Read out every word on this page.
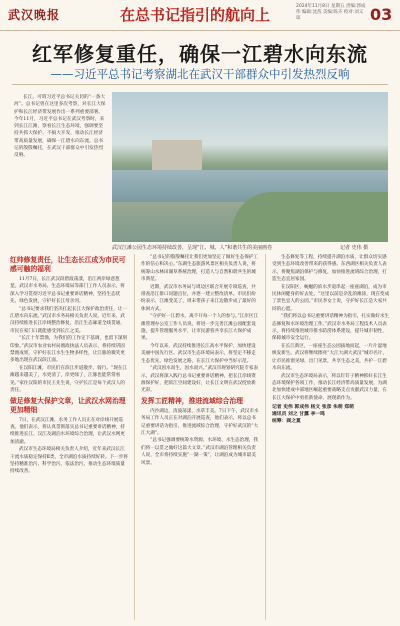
武汉晚报	在总书记指引的航向上	2024年11月8日 星期五 责编:郭成伟 编辑:沈茜 美编:陈卉 校对:刘义琼	03
红军修复重任，确保一江碧水向东流
——习近平总书记考察湖北在武汉干部群众中引发热烈反响

长江，可谓习近平总书记关切的“一条大河”。总书记曾在这里多次考察，对长江大保护和长江经济带发展作出一系列重要部署。今年11月，习近平总书记在武汉考察时，来到长江江滩，察看长江生态环境，强调要坚持共抓大保护、不搞大开发，推动长江经济带高质量发展，确保一江碧水向东流。总书记的殷殷嘱托，在武汉干部群众中引发热烈反响。

武汉江滩公园生态环境持续改善，呈现“江、城、人”和谐共生的美丽画卷	记者 史伟 摄
红帅修复责任，让生态长江成为市民可感可触的福利

11月7日，长江武汉段碧波荡漾，沿江两岸绿意葱茏。武汉市水务局、生态环境局等部门工作人员表示，将深入学习贯彻习近平总书记重要讲话精神，坚持生态优先、绿色发展，守护好长江母亲河。

“总书记要求我们坚决扛起长江大保护政治责任，让一江碧水向东流。”武汉市水务局相关负责人说，近年来，武汉持续推进长江岸线整治修复，沿江生态廊道全线贯通，市民在家门口就能感受到长江之美。

“长江十年禁渔，为我们的工作定下基调，也留下深刻印象。”武汉市农业农村局渔政执法人员表示，将持续巩固禁渔成果，守护好长江水生生物多样性，让江豚的微笑更多地出现在武汉段江面。

在汉阳江滩，市民们在滨江步道散步、骑行。“现在江滩越来越美了，水更清了，岸更绿了，江豚也能常常看见。”家住汉阳的市民王先生说，守护长江是每个武汉人的责任。

做足修复大保护文章，让武汉水网治理更加精细

7日，在武汉江滩，水务工作人员正在对岸线开展巡查。他们表示，将认真贯彻落实总书记重要讲话精神，持续推进长江、汉江及湖泊水环境综合治理，让武汉水网更加清澈。

武汉市生态环境局相关负责人介绍，近年来武汉长江干流水质稳定保持Ⅱ类，全市湖泊水质持续好转。下一步将坚持精准治污、科学治污、依法治污，推动生态环境质量持续改善。

“总书记的殷殷嘱托让我们更加坚定了做好生态保护工作的信心和决心。”东湖生态旅游风景区相关负责人说，将统筹山水林田湖草系统治理，打造人与自然和谐共生的城市典范。

近期，武汉市水务局与周边区联合开展专项巡查，共排查沿江排口问题点位，并逐一建立整改清单。市民们纷纷表示，江滩变美了，周末带孩子来江边散步成了最好的休闲方式。

“守护好一江碧水，离不开每一个人的参与。”江岸区江滩管理办公室工作人员说，将进一步完善江滩公园配套设施，提升管理服务水平，让市民游客共享长江大保护成果。

今年以来，武汉持续推进长江高水平保护，加快建设美丽中国先行区。武汉市生态环境局表示，将坚定不移走生态优先、绿色发展之路，在长江大保护中当好示范。

“武汉因水而生、因水而兴。”武汉市规划研究院专家表示，武汉将深入践行总书记重要讲话精神，把长江岸线资源保护好，把滨江空间建设好，让长江文明在武汉绽放新光彩。

发挥工匠精神，推进流域综合治理

内沙湖边，清波荡漾，水草丰美。7日下午，武汉市水务局工作人员正在对湖泊开展巡查，他们表示，将以总书记重要讲话为指引，推进流域综合治理，守护好武汉的“大江大湖”。

“总书记强调要统筹水资源、水环境、水生态治理，我们将一以贯之做好这篇大文章。”武汉市湖泊管理相关负责人说，全市将持续实施“一湖一策”，让湖泊成为城市最美风景。

生态修复等工程，持续提升湖泊水质，让群众切实感受到生态环境改善带来的获得感。东西湖区相关负责人表示，将聚焦湖泊保护与修复，加快推进流域综合治理，打造生态宜居家园。

在汉阳区，蜿蜒的滨水步道串起一座座湖泊，成为市民休闲健身的好去处。“这里以前是杂乱的滩涂，现在变成了景色宜人的公园。”市民李女士说，守护好长江是大家共同的心愿。

“我们将以总书记重要讲话精神为指引，扎实做好水生态修复和水环境治理工作。”武汉市水务局工程技术人员表示，将持续推进城市排水防涝体系建设，提升城市韧性，保障城市安全运行。

在长江新区，一座座生态公园拔地而起，一片片湿地焕发新生。武汉将继续擦亮“大江大湖大武汉”城市名片，让市民推窗见绿、出门见景，共享生态之美，共护一江碧水向东流。

武汉市生态环境局表示，将以钉钉子精神抓好长江生态环境保护各项工作，推动长江经济带高质量发展，为湖北加快建成中部地区崛起重要战略支点贡献武汉力量，在长江大保护中勇担新使命、展现新作为。

记者 史伟 郭成伟 杨文 张彦 朱萌 郑萌
通讯员 刘之 甘露 李一鸣
统筹：阎之夏
